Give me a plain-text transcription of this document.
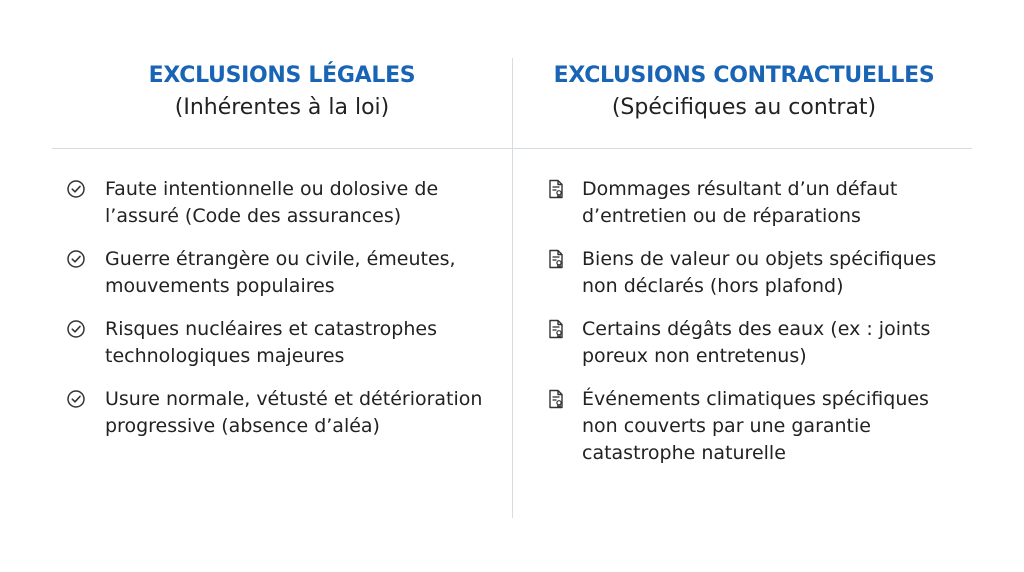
EXCLUSIONS LÉGALES
(Inhérentes à la loi)
EXCLUSIONS CONTRACTUELLES
(Spécifiques au contrat)
Faute intentionnelle ou dolosive de l’assuré (Code des assurances)
Guerre étrangère ou civile, émeutes, mouvements populaires
Risques nucléaires et catastrophes technologiques majeures
Usure normale, vétusté et détérioration progressive (absence d’aléa)
Dommages résultant d’un défaut d’entretien ou de réparations
Biens de valeur ou objets spécifiques non déclarés (hors plafond)
Certains dégâts des eaux (ex : joints poreux non entretenus)
Événements climatiques spécifiques non couverts par une garantie catastrophe naturelle
